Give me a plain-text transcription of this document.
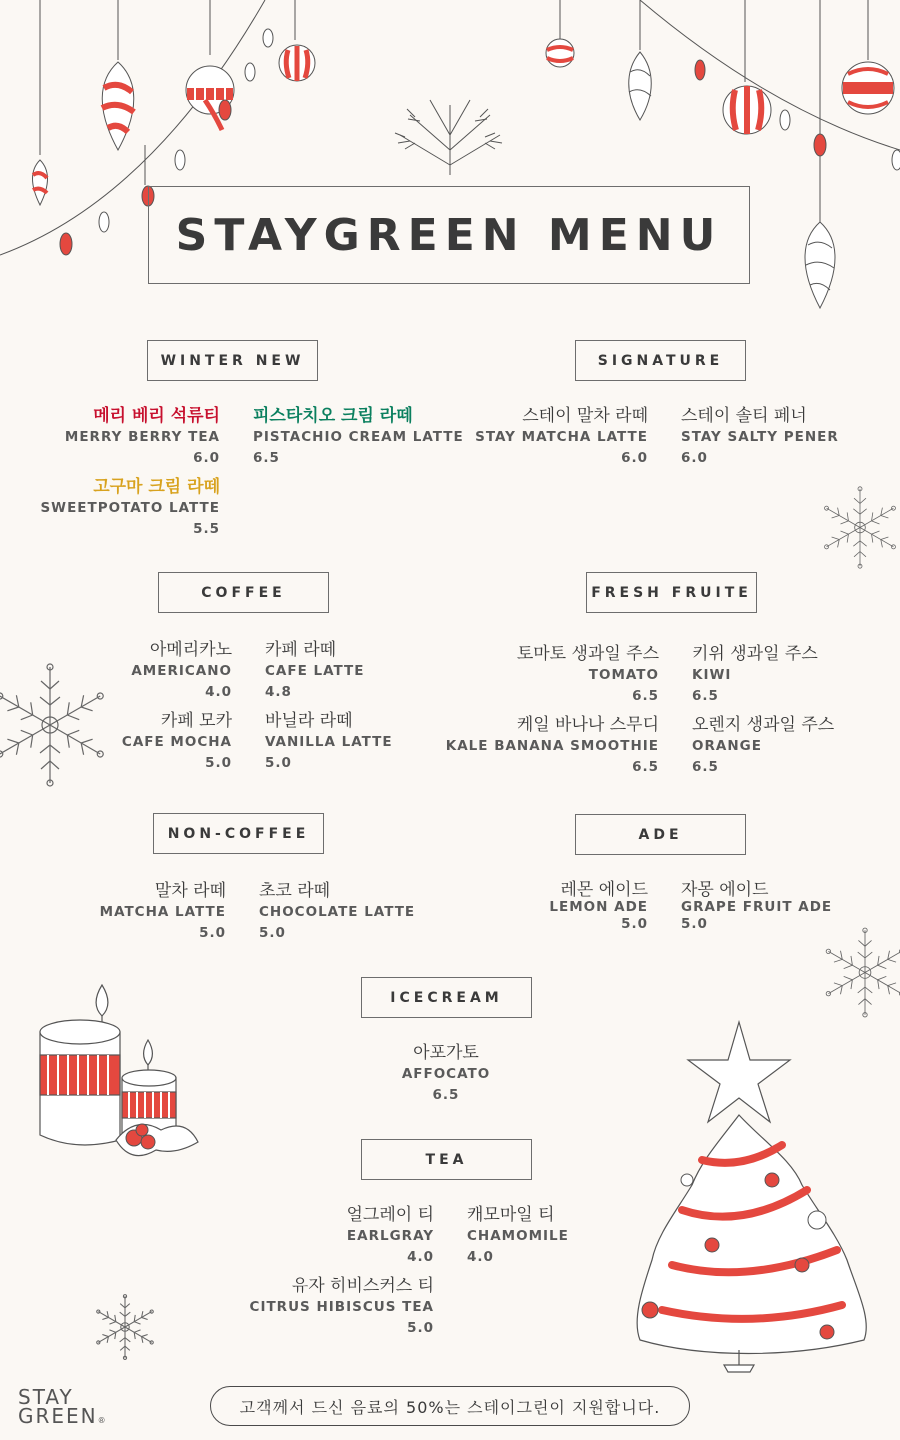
STAYGREEN MENU
WINTER NEW
메리 베리 석류티
MERRY BERRY TEA
6.0
피스타치오 크림 라떼
PISTACHIO CREAM LATTE
6.5
고구마 크림 라떼
SWEETPOTATO LATTE
5.5
SIGNATURE
스테이 말차 라떼
STAY MATCHA LATTE
6.0
스테이 솔티 페너
STAY SALTY PENER
6.0
COFFEE
아메리카노
AMERICANO
4.0
카페 라떼
CAFE LATTE
4.8
카페 모카
CAFE MOCHA
5.0
바닐라 라떼
VANILLA LATTE
5.0
FRESH FRUITE
토마토 생과일 주스
TOMATO
6.5
키위 생과일 주스
KIWI
6.5
케일 바나나 스무디
KALE BANANA SMOOTHIE
6.5
오렌지 생과일 주스
ORANGE
6.5
NON-COFFEE
말차 라떼
MATCHA LATTE
5.0
초코 라떼
CHOCOLATE LATTE
5.0
ADE
레몬 에이드
LEMON ADE
5.0
자몽 에이드
GRAPE FRUIT ADE
5.0
ICECREAM
아포가토
AFFOCATO
6.5
TEA
얼그레이 티
EARLGRAY
4.0
캐모마일 티
CHAMOMILE
4.0
유자 히비스커스 티
CITRUS HIBISCUS TEA
5.0
STAY
GREEN®
고객께서 드신 음료의 50%는 스테이그린이 지원합니다.
